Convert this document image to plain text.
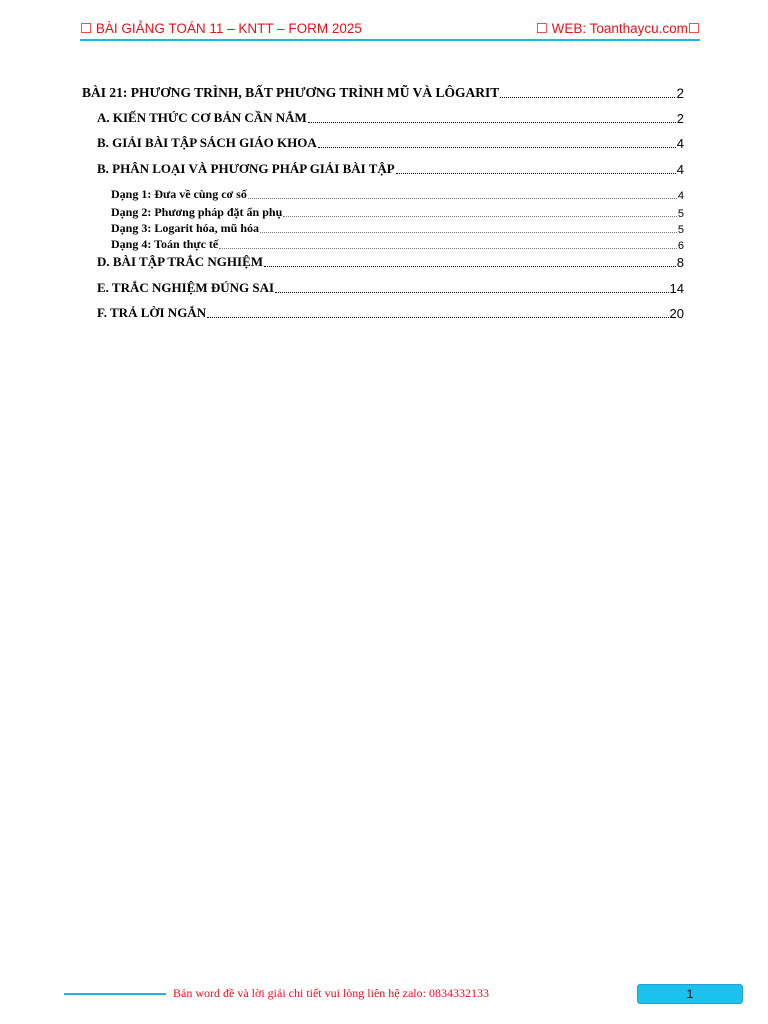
☐ BÀI GIẢNG TOÁN 11 – KNTT – FORM 2025	☐ WEB: Toanthaycu.com☐
BÀI 21: PHƯƠNG TRÌNH, BẤT PHƯƠNG TRÌNH MŨ VÀ LÔGARIT	2
A. KIẾN THỨC CƠ BẢN CẦN NẮM	2
B. GIẢI BÀI TẬP SÁCH GIÁO KHOA	4
B. PHÂN LOẠI VÀ PHƯƠNG PHÁP GIẢI BÀI TẬP	4
Dạng 1: Đưa về cùng cơ số	4
Dạng 2: Phương pháp đặt ẩn phụ	5
Dạng 3: Logarit hóa, mũ hóa	5
Dạng 4: Toán thực tế	6
D. BÀI TẬP TRẮC NGHIỆM	8
E. TRẮC NGHIỆM ĐÚNG SAI	14
F. TRẢ LỜI NGẮN	20
Bản word đề và lời giải chi tiết vui lòng liên hệ zalo: 0834332133	1
